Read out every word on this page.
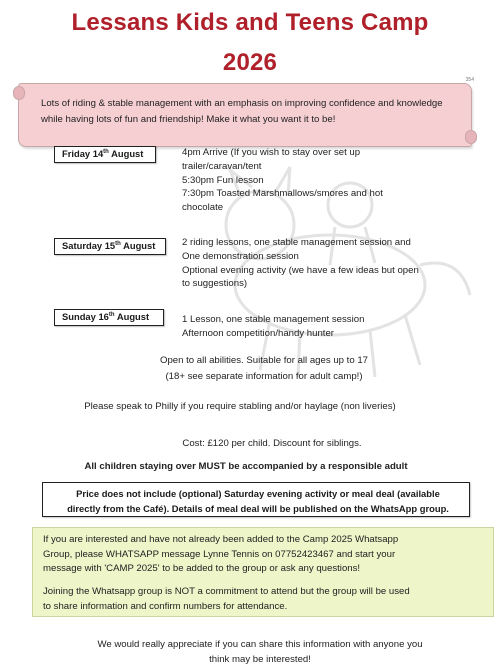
Lessans Kids and Teens Camp
2026
354
Lots of riding & stable management with an emphasis on improving confidence and knowledge while having lots of fun and friendship! Make it what you want it to be!
Friday 14th August	4pm Arrive (If you wish to stay over set up
trailer/caravan/tent
5:30pm Fun lesson
7:30pm Toasted Marshmallows/smores and hot
chocolate
Saturday 15th August	2 riding lessons, one stable management session and
One demonstration session
Optional evening activity (we have a few ideas but open
to suggestions)
Sunday 16th August	1 Lesson, one stable management session
Afternoon competition/handy hunter
Open to all abilities. Suitable for all ages up to 17
(18+ see separate information for adult camp!)
Please speak to Philly if you require stabling and/or haylage (non liveries)
Cost: £120 per child. Discount for siblings.
All children staying over MUST be accompanied by a responsible adult
Price does not include (optional) Saturday evening activity or meal deal (available
directly from the Café). Details of meal deal will be published on the WhatsApp group.
If you are interested and have not already been added to the Camp 2025 Whatsapp
Group, please WHATSAPP message Lynne Tennis on 07752423467 and start your
message with 'CAMP 2025' to be added to the group or ask any questions!
Joining the Whatsapp group is NOT a commitment to attend but the group will be used
to share information and confirm numbers for attendance.
We would really appreciate if you can share this information with anyone you
think may be interested!
